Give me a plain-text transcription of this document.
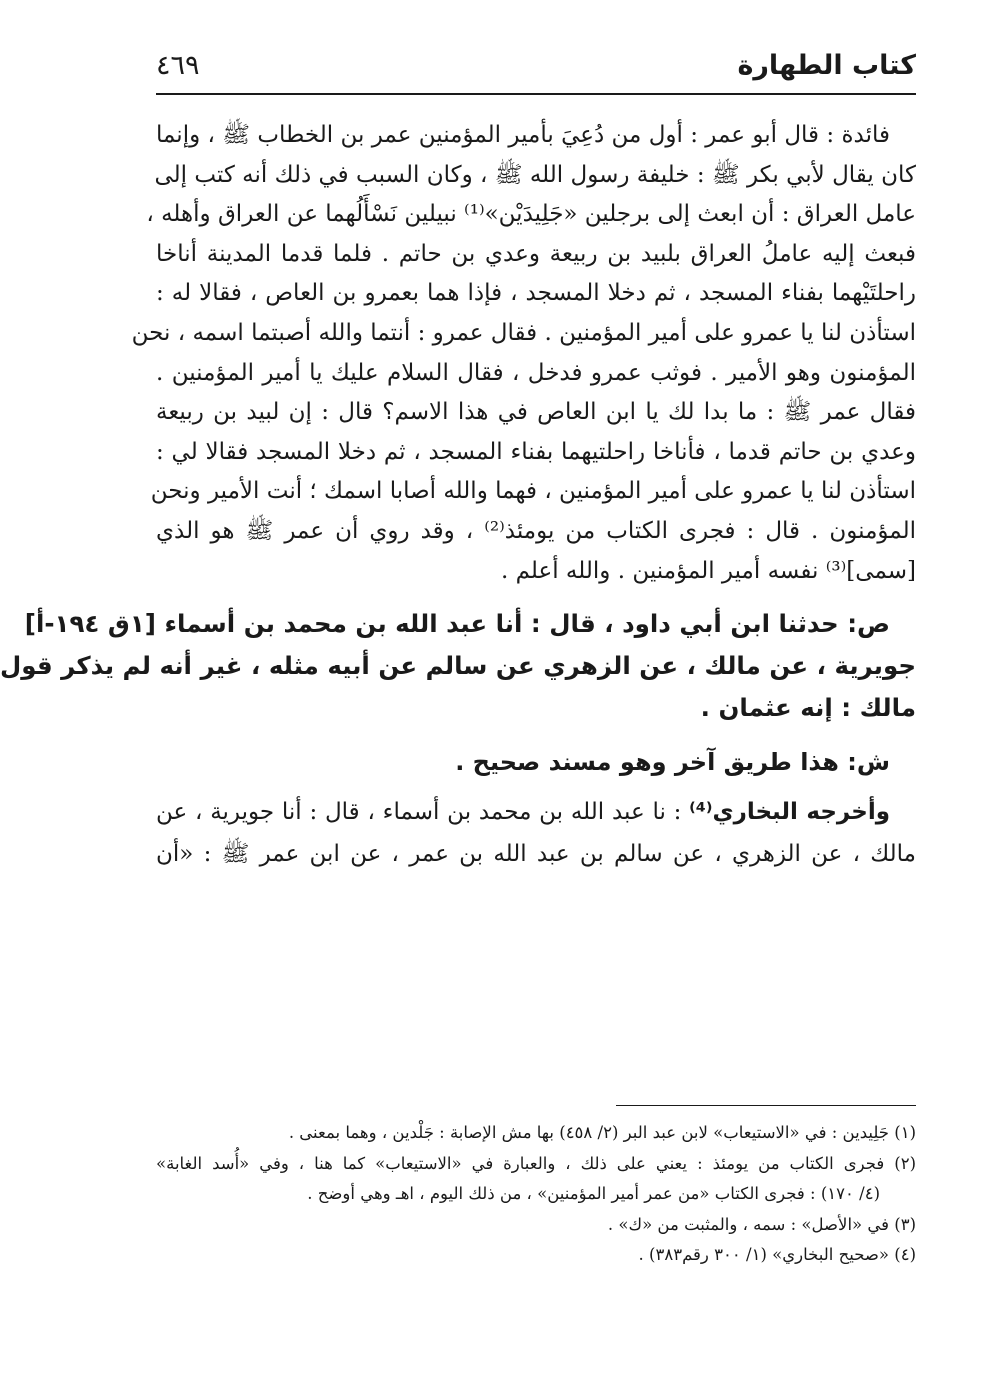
كتاب الطهارة
٤٦٩
فائدة : قال أبو عمر : أول من دُعِيَ بأمير المؤمنين عمر بن الخطاب ﷺ ، وإنما
كان يقال لأبي بكر ﷺ : خليفة رسول الله ﷺ ، وكان السبب في ذلك أنه كتب إلى
عامل العراق : أن ابعث إلى برجلين «جَلِيدَيْن»⁽¹⁾ نبيلين نَسْأَلُهما عن العراق وأهله ،
فبعث إليه عاملُ العراق بلبيد بن ربيعة وعدي بن حاتم . فلما قدما المدينة أناخا
راحلتَيْهما بفناء المسجد ، ثم دخلا المسجد ، فإذا هما بعمرو بن العاص ، فقالا له :
استأذن لنا يا عمرو على أمير المؤمنين . فقال عمرو : أنتما والله أصبتما اسمه ، نحن
المؤمنون وهو الأمير . فوثب عمرو فدخل ، فقال السلام عليك يا أمير المؤمنين .
فقال عمر ﷺ : ما بدا لك يا ابن العاص في هذا الاسم؟ قال : إن لبيد بن ربيعة
وعدي بن حاتم قدما ، فأناخا راحلتيهما بفناء المسجد ، ثم دخلا المسجد فقالا لي :
استأذن لنا يا عمرو على أمير المؤمنين ، فهما والله أصابا اسمك ؛ أنت الأمير ونحن
المؤمنون . قال : فجرى الكتاب من يومئذ⁽²⁾ ، وقد روي أن عمر ﷺ هو الذي
[سمى]⁽³⁾ نفسه أمير المؤمنين . والله أعلم .
ص: حدثنا ابن أبي داود ، قال : أنا عبد الله بن محمد بن أسماء [١ق ١٩٤-أ]
جويرية ، عن مالك ، عن الزهري عن سالم عن أبيه مثله ، غير أنه لم يذكر قول
مالك : إنه عثمان .
ش: هذا طريق آخر وهو مسند صحيح .
وأخرجه البخاري⁽⁴⁾ : نا عبد الله بن محمد بن أسماء ، قال : أنا جويرية ، عن
مالك ، عن الزهري ، عن سالم بن عبد الله بن عمر ، عن ابن عمر ﷺ : «أن
(١) جَلِيدين : في «الاستيعاب» لابن عبد البر (٢/ ٤٥٨) بها مش الإصابة : جَلْدين ، وهما بمعنى .
(٢) فجرى الكتاب من يومئذ : يعني على ذلك ، والعبارة في «الاستيعاب» كما هنا ، وفي «أُسد الغابة»
(٤/ ١٧٠) : فجرى الكتاب «من عمر أمير المؤمنين» ، من ذلك اليوم ، اهـ وهي أوضح .
(٣) في «الأصل» : سمه ، والمثبت من «ك» .
(٤) «صحيح البخاري» (١/ ٣٠٠ رقم٣٨٣) .
